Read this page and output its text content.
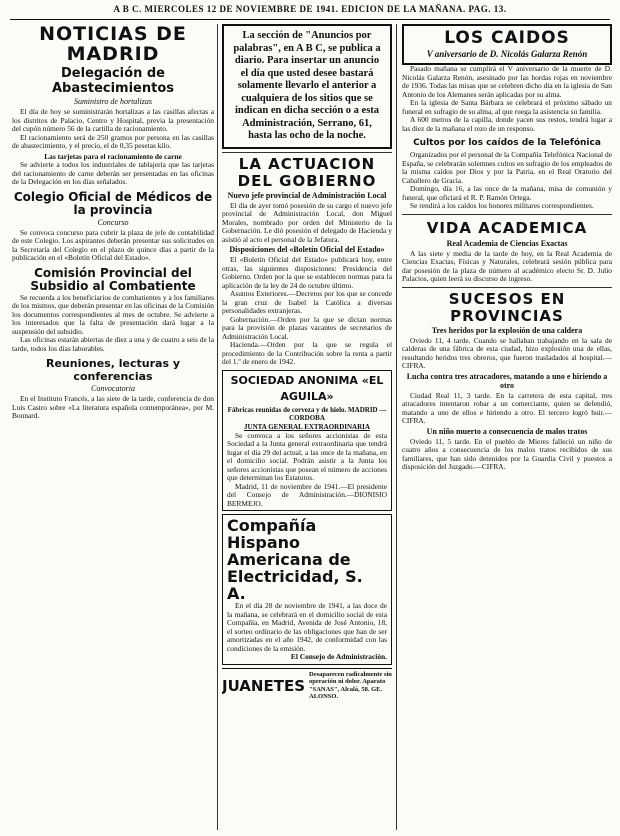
A B C. MIERCOLES 12 DE NOVIEMBRE DE 1941. EDICION DE LA MAÑANA. PAG. 13.
NOTICIAS DE MADRID
Delegación de Abastecimientos
Suministro de hortalizas

El día de hoy se suministrarán hortalizas a las casillas afectas a los distritos de Palacio, Centro y Hospital, previa la presentación del cupón número 56 de la cartilla de racionamiento.

El racionamiento será de 250 gramos por persona en las casillas de abastecimiento, y el precio, el de 0,35 pesetas kilo.

Las tarjetas para el racionamiento de carne

Se advierte a todos los industriales de tablajería que las tarjetas del racionamiento de carne deberán ser presentadas en las oficinas de la Delegación en los días señalados.

Colegio Oficial de Médicos de la provincia
Concurso

Se convoca concurso para cubrir la plaza de jefe de contabilidad de este Colegio. Los aspirantes deberán presentar sus solicitudes en la Secretaría del Colegio en el plazo de quince días a partir de la publicación en el «Boletín Oficial del Estado».

Comisión Provincial del Subsidio al Combatiente

Se recuerda a los beneficiarios de combatientes y a los familiares de los mismos, que deberán presentar en las oficinas de la Comisión los documentos correspondientes al mes de octubre. Se advierte a los interesados que la falta de presentación dará lugar a la suspensión del subsidio.

Las oficinas estarán abiertas de diez a una y de cuatro a seis de la tarde, todos los días laborables.

Reuniones, lecturas y conferencias
Convocatoria

En el Instituto Francés, a las siete de la tarde, conferencia de don Luis Castro sobre «La literatura española contemporánea», por M. Bonnard.

La sección de "Anuncios por palabras", en A B C, se publica a diario. Para insertar un anuncio el día que usted desee bastará solamente llevarlo el anterior a cualquiera de los sitios que se indican en dicha sección o a esta Administración, Serrano, 61, hasta las ocho de la noche.
LA ACTUACION DEL GOBIERNO
Nuevo jefe provincial de Administración Local

El día de ayer tomó posesión de su cargo el nuevo jefe provincial de Administración Local, don Miguel Morales, nombrado por orden del Ministerio de la Gobernación. Le dió posesión el delegado de Hacienda y asistió al acto el personal de la Jefatura.

Disposiciones del «Boletín Oficial del Estado»

El «Boletín Oficial del Estado» publicará hoy, entre otras, las siguientes disposiciones: Presidencia del Gobierno. Orden por la que se establecen normas para la aplicación de la ley de 24 de octubre último.

Asuntos Exteriores.—Decretos por los que se concede la gran cruz de Isabel la Católica a diversas personalidades extranjeras.

Gobernación.—Orden por la que se dictan normas para la provisión de plazas vacantes de secretarios de Administración Local.

Hacienda.—Orden por la que se regula el procedimiento de la Contribución sobre la renta a partir del 1.º de enero de 1942.

SOCIEDAD ANONIMA «EL AGUILA»
Fábricas reunidas de cerveza y de hielo. MADRID — CORDOBA
JUNTA GENERAL EXTRAORDINARIA

Se convoca a los señores accionistas de esta Sociedad a la Junta general extraordinaria que tendrá lugar el día 29 del actual, a las once de la mañana, en el domicilio social. Podrán asistir a la Junta los señores accionistas que posean el número de acciones que determinan los Estatutos.

Madrid, 11 de noviembre de 1941.—El presidente del Consejo de Administración.—DIONISIO BERMEJO.

Compañía Hispano Americana de Electricidad, S. A.

En el día 28 de noviembre de 1941, a las doce de la mañana, se celebrará en el domicilio social de esta Compañía, en Madrid, Avenida de José Antonio, 18, el sorteo ordinario de las obligaciones que han de ser amortizadas en el año 1942, de conformidad con las condiciones de la emisión.

El Consejo de Administración.

JUANETES
Desaparecen radicalmente sin operación ni dolor. Aparato "SANAS", Alcalá, 58. GE. ALONSO.
LOS CAIDOS
V aniversario de D. Nicolás Galarza Renón

Pasado mañana se cumplirá el V aniversario de la muerte de D. Nicolás Galarza Renón, asesinado por las hordas rojas en noviembre de 1936. Todas las misas que se celebren dicho día en la iglesia de San Antonio de los Alemanes serán aplicadas por su alma.

En la iglesia de Santa Bárbara se celebrará el próximo sábado un funeral en sufragio de su alma, al que ruega la asistencia su familia.

A 600 metros de la capilla, donde yacen sus restos, tendrá lugar a las diez de la mañana el rezo de un responso.

Cultos por los caídos de la Telefónica

Organizados por el personal de la Compañía Telefónica Nacional de España, se celebrarán solemnes cultos en sufragio de los empleados de la misma caídos por Dios y por la Patria, en el Real Oratorio del Caballero de Gracia.

Domingo, día 16, a las once de la mañana, misa de comunión y funeral, que oficiará el R. P. Ramón Ortega.

Se rendirá a los caídos los honores militares correspondientes.

VIDA ACADEMICA
Real Academia de Ciencias Exactas

A las siete y media de la tarde de hoy, en la Real Academia de Ciencias Exactas, Físicas y Naturales, celebrará sesión pública para dar posesión de la plaza de número al académico electo Sr. D. Julio Palacios, quien leerá su discurso de ingreso.

SUCESOS EN PROVINCIAS
Tres heridos por la explosión de una caldera

Oviedo 11, 4 tarde. Cuando se hallaban trabajando en la sala de calderas de una fábrica de esta ciudad, hizo explosión una de ellas, resultando heridos tres obreros, que fueron trasladados al hospital.—CIFRA.

Lucha contra tres atracadores, matando a uno e hiriendo a otro

Ciudad Real 11, 3 tarde. En la carretera de esta capital, tres atracadores intentaron robar a un comerciante, quien se defendió, matando a uno de ellos e hiriendo a otro. El tercero logró huir.—CIFRA.

Un niño muerto a consecuencia de malos tratos

Oviedo 11, 5 tarde. En el pueblo de Mieres falleció un niño de cuatro años a consecuencia de los malos tratos recibidos de sus familiares, que han sido detenidos por la Guardia Civil y puestos a disposición del Juzgado.—CIFRA.
